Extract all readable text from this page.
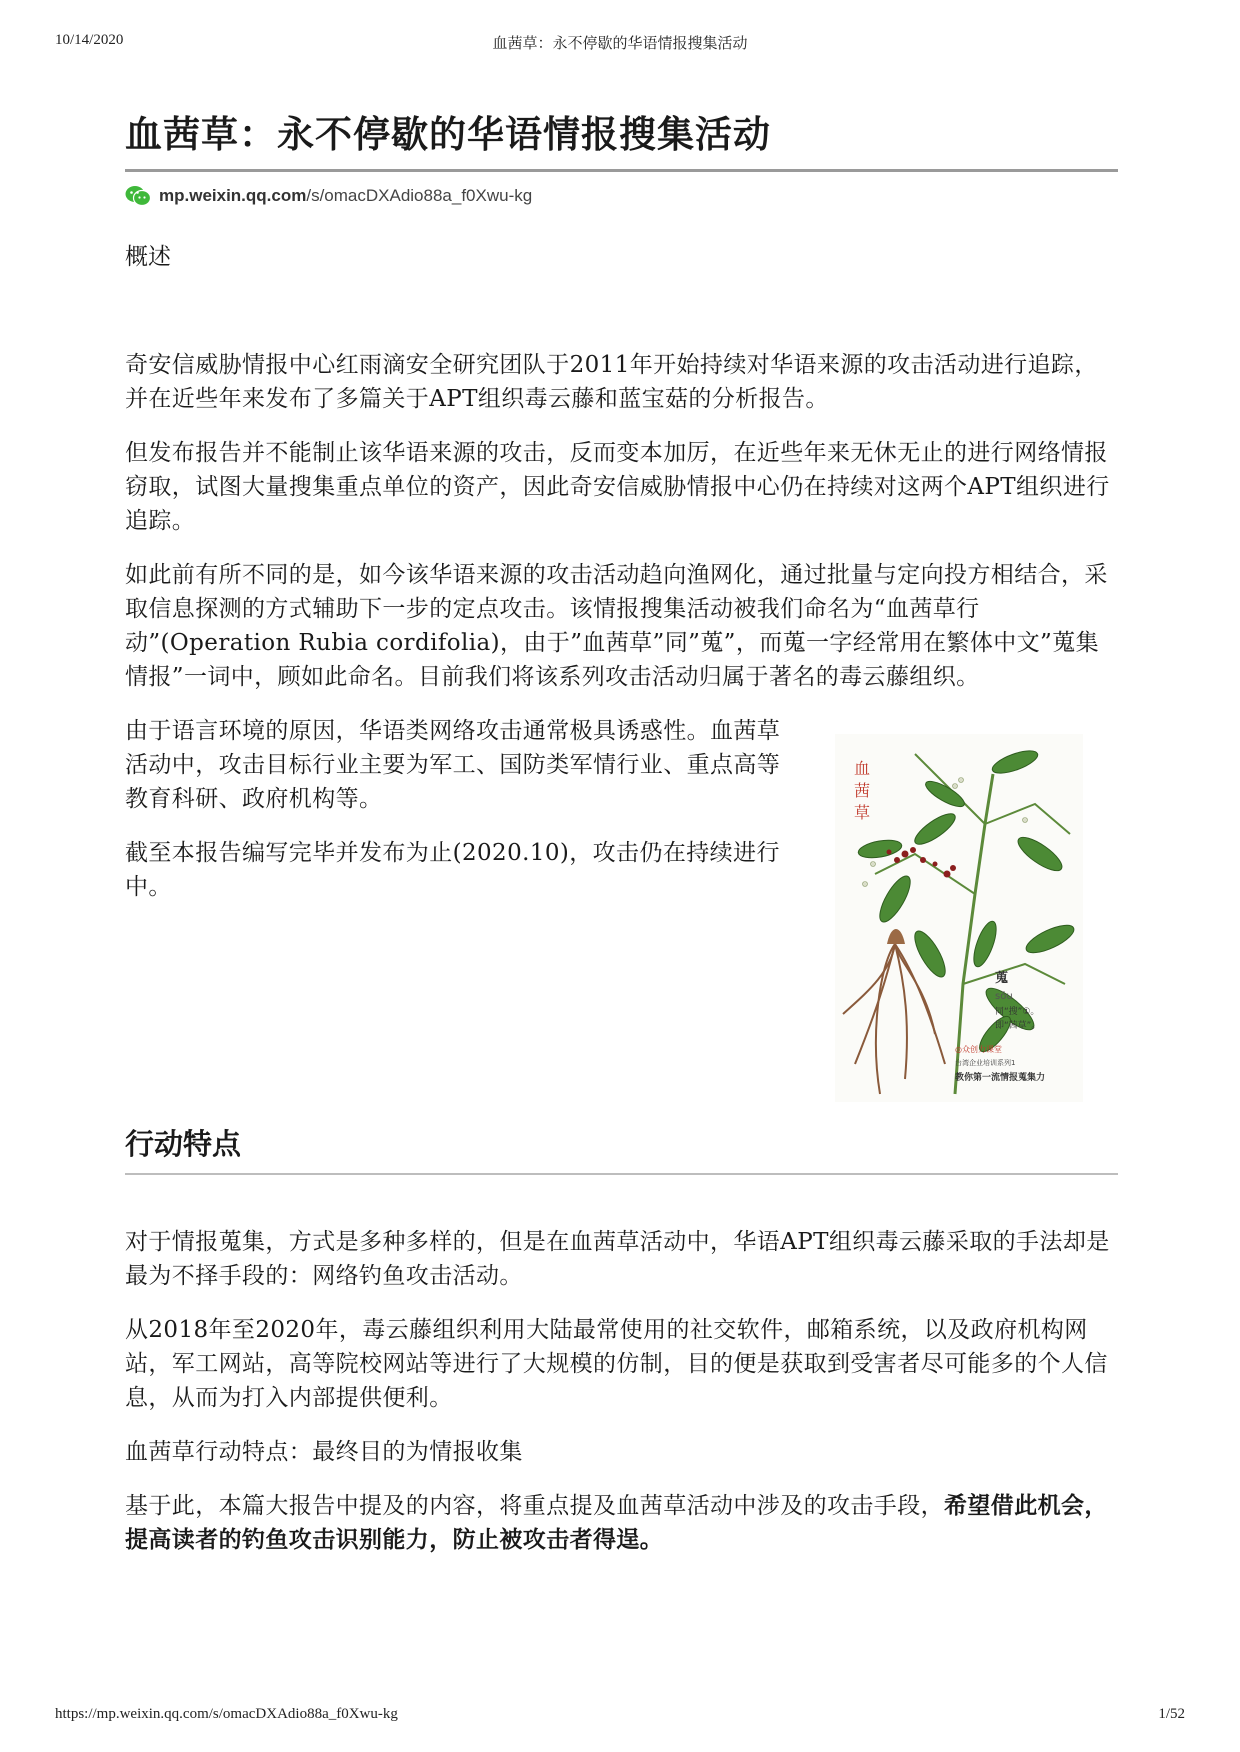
10/14/2020	血茜草：永不停歇的华语情报搜集活动
血茜草：永不停歇的华语情报搜集活动
mp.weixin.qq.com /s/omacDXAdio88a_f0Xwu-kg
概述

奇安信威胁情报中心红雨滴安全研究团队于2011年开始持续对华语来源的攻击活动进行追踪，并在近些年来发布了多篇关于APT组织毒云藤和蓝宝菇的分析报告。

但发布报告并不能制止该华语来源的攻击，反而变本加厉，在近些年来无休无止的进行网络情报窃取，试图大量搜集重点单位的资产，因此奇安信威胁情报中心仍在持续对这两个APT组织进行追踪。

如此前有所不同的是，如今该华语来源的攻击活动趋向渔网化，通过批量与定向投方相结合，采取信息探测的方式辅助下一步的定点攻击。该情报搜集活动被我们命名为“血茜草行动”(Operation Rubia cordifolia)，由于”血茜草”同”蒐”，而蒐一字经常用在繁体中文”蒐集情报”一词中，顾如此命名。目前我们将该系列攻击活动归属于著名的毒云藤组织。

由于语言环境的原因，华语类网络攻击通常极具诱惑性。血茜草活动中，攻击目标行业主要为军工、国防类军情行业、重点高等教育科研、政府机构等。

截至本报告编写完毕并发布为止(2020.10)，攻击仍在持续进行中。

血茜草
蒐
sōu
同“搜”①。
即“茜草”。
◎众创力课堂
台湾企业培训系列1
教你第一流情报蒐集力
行动特点

对于情报蒐集，方式是多种多样的，但是在血茜草活动中，华语APT组织毒云藤采取的手法却是最为不择手段的：网络钓鱼攻击活动。

从2018年至2020年，毒云藤组织利用大陆最常使用的社交软件，邮箱系统，以及政府机构网站，军工网站，高等院校网站等进行了大规模的仿制，目的便是获取到受害者尽可能多的个人信息，从而为打入内部提供便利。

血茜草行动特点：最终目的为情报收集

基于此，本篇大报告中提及的内容，将重点提及血茜草活动中涉及的攻击手段，希望借此机会，提高读者的钓鱼攻击识别能力，防止被攻击者得逞。

https://mp.weixin.qq.com/s/omacDXAdio88a_f0Xwu-kg	1/52
